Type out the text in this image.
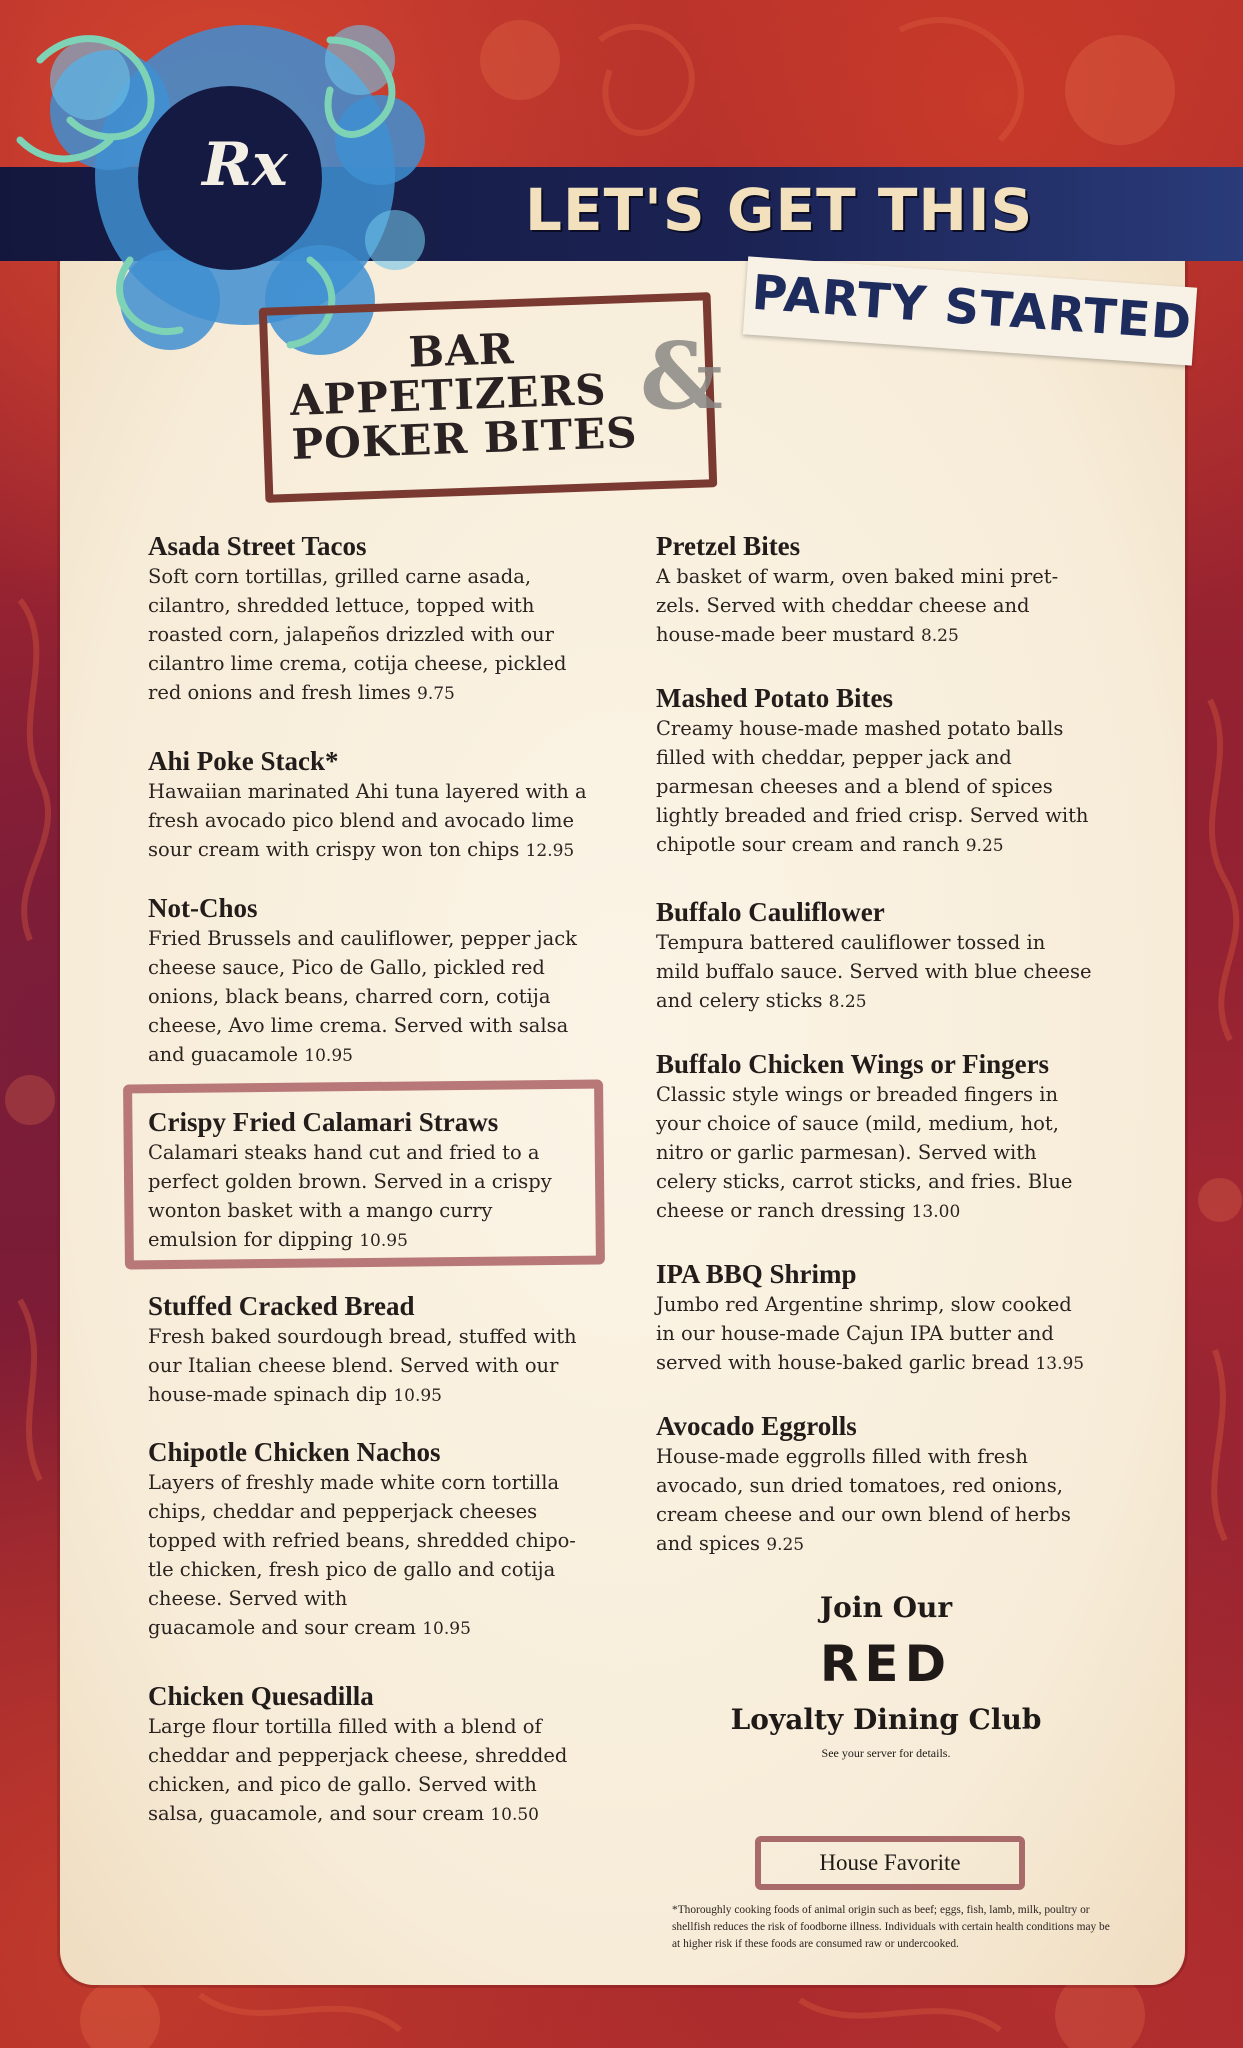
LET'S GET THIS
PARTY STARTED
Rx
BAR
APPETIZERS
POKER BITES
&
Asada Street Tacos
Soft corn tortillas, grilled carne asada,
cilantro, shredded lettuce, topped with
roasted corn, jalapeños drizzled with our
cilantro lime crema, cotija cheese, pickled
red onions and fresh limes 9.75
Ahi Poke Stack*
Hawaiian marinated Ahi tuna layered with a
fresh avocado pico blend and avocado lime
sour cream with crispy won ton chips 12.95
Not-Chos
Fried Brussels and cauliflower, pepper jack
cheese sauce, Pico de Gallo, pickled red
onions, black beans, charred corn, cotija
cheese, Avo lime crema. Served with salsa
and guacamole 10.95
Crispy Fried Calamari Straws
Calamari steaks hand cut and fried to a
perfect golden brown. Served in a crispy
wonton basket with a mango curry
emulsion for dipping 10.95
Stuffed Cracked Bread
Fresh baked sourdough bread, stuffed with
our Italian cheese blend. Served with our
house-made spinach dip 10.95
Chipotle Chicken Nachos
Layers of freshly made white corn tortilla
chips, cheddar and pepperjack cheeses
topped with refried beans, shredded chipo-
tle chicken, fresh pico de gallo and cotija
cheese. Served with
guacamole and sour cream 10.95
Chicken Quesadilla
Large flour tortilla filled with a blend of
cheddar and pepperjack cheese, shredded
chicken, and pico de gallo. Served with
salsa, guacamole, and sour cream 10.50
Pretzel Bites
A basket of warm, oven baked mini pret-
zels. Served with cheddar cheese and
house-made beer mustard 8.25
Mashed Potato Bites
Creamy house-made mashed potato balls
filled with cheddar, pepper jack and
parmesan cheeses and a blend of spices
lightly breaded and fried crisp. Served with
chipotle sour cream and ranch 9.25
Buffalo Cauliflower
Tempura battered cauliflower tossed in
mild buffalo sauce. Served with blue cheese
and celery sticks 8.25
Buffalo Chicken Wings or Fingers
Classic style wings or breaded fingers in
your choice of sauce (mild, medium, hot,
nitro or garlic parmesan). Served with
celery sticks, carrot sticks, and fries. Blue
cheese or ranch dressing 13.00
IPA BBQ Shrimp
Jumbo red Argentine shrimp, slow cooked
in our house-made Cajun IPA butter and
served with house-baked garlic bread 13.95
Avocado Eggrolls
House-made eggrolls filled with fresh
avocado, sun dried tomatoes, red onions,
cream cheese and our own blend of herbs
and spices 9.25
Join Our
RED
Loyalty Dining Club
See your server for details.
House Favorite
*Thoroughly cooking foods of animal origin such as beef; eggs, fish, lamb, milk, poultry or shellfish reduces the risk of foodborne illness. Individuals with certain health conditions may be at higher risk if these foods are consumed raw or undercooked.
